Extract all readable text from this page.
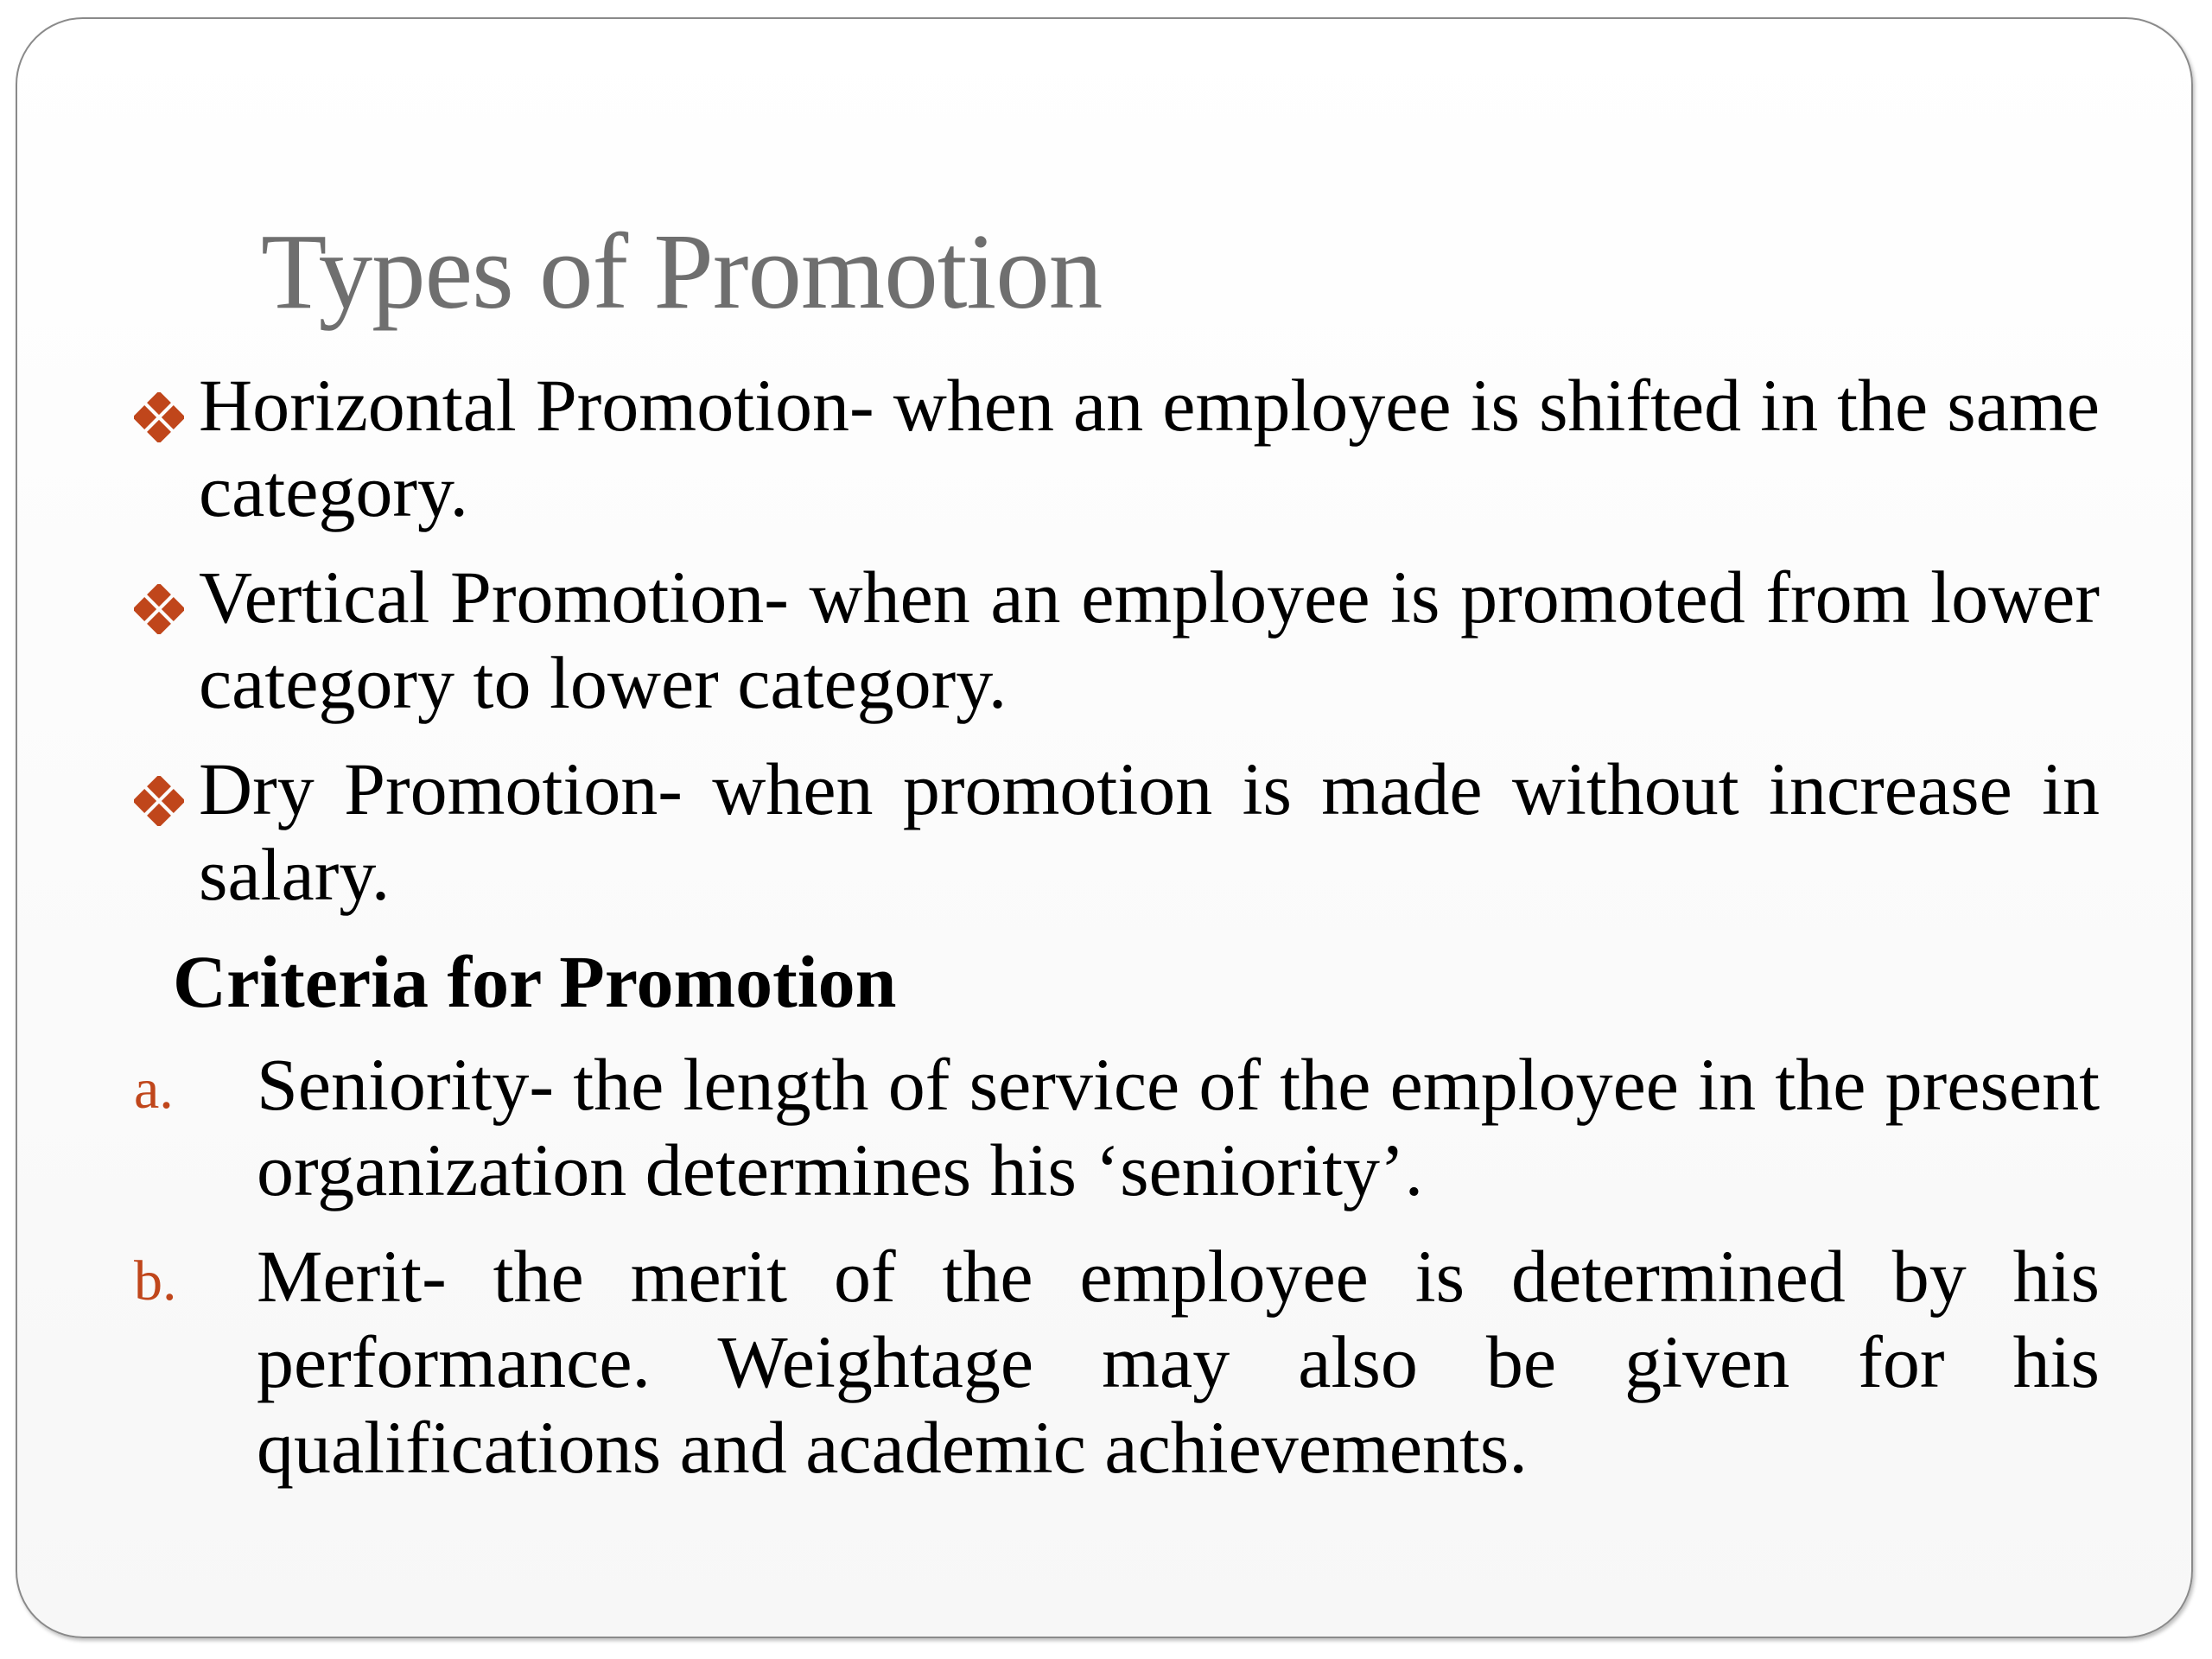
Types of Promotion
Horizontal Promotion- when an employee is shifted in the same category.
Vertical Promotion- when an employee is promoted from lower category to lower category.
Dry Promotion- when promotion is made without increase in salary.
Criteria for Promotion
a. Seniority- the length of service of the employee in the present organization determines his ‘seniority’.
b. Merit- the merit of the employee is determined by his performance. Weightage may also be given for his qualifications and academic achievements.
